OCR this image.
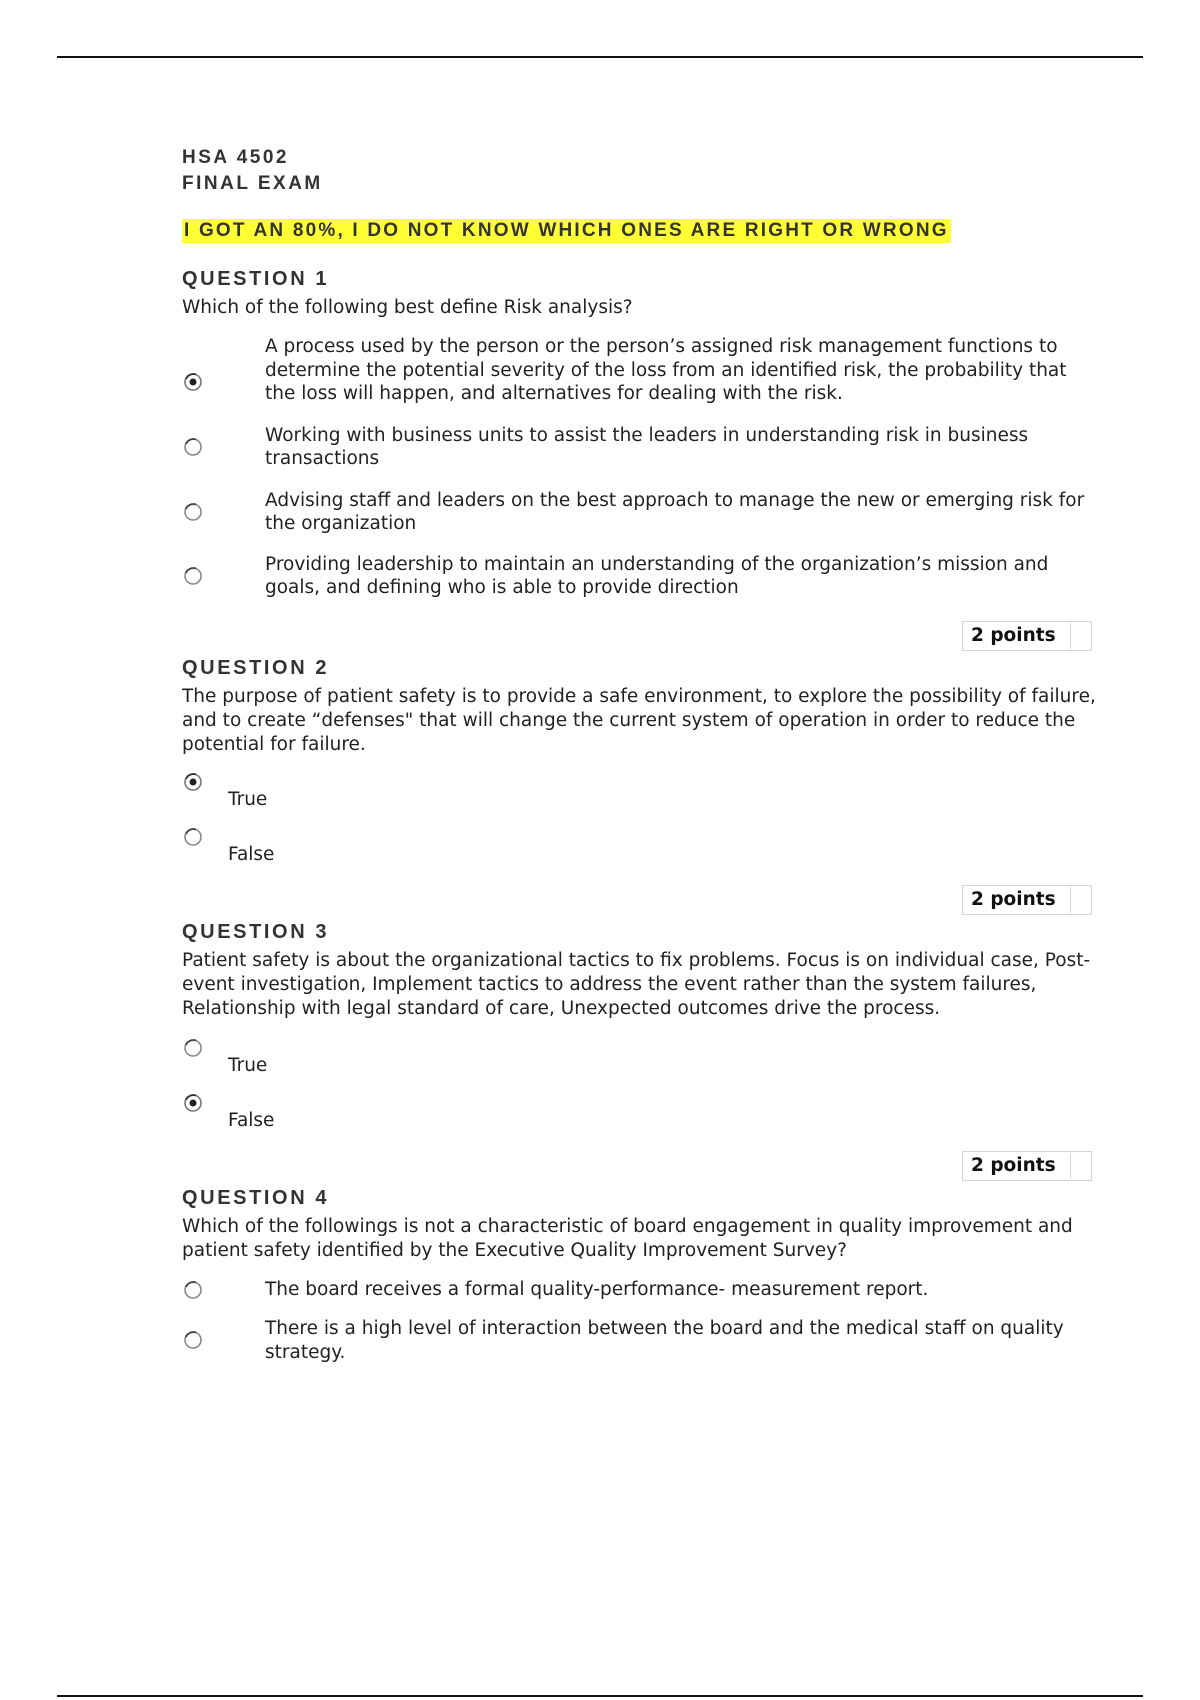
HSA 4502
FINAL EXAM
I GOT AN 80%, I DO NOT KNOW WHICH ONES ARE RIGHT OR WRONG
QUESTION 1
Which of the following best define Risk analysis?
A process used by the person or the person’s assigned risk management functions to determine the potential severity of the loss from an identified risk, the probability that the loss will happen, and alternatives for dealing with the risk.
Working with business units to assist the leaders in understanding risk in business transactions
Advising staff and leaders on the best approach to manage the new or emerging risk for the organization
Providing leadership to maintain an understanding of the organization’s mission and goals, and defining who is able to provide direction
2 points
QUESTION 2
The purpose of patient safety is to provide a safe environment, to explore the possibility of failure, and to create “defenses" that will change the current system of operation in order to reduce the potential for failure.
True
False
2 points
QUESTION 3
Patient safety is about the organizational tactics to fix problems. Focus is on individual case, Post- event investigation, Implement tactics to address the event rather than the system failures, Relationship with legal standard of care, Unexpected outcomes drive the process.
True
False
2 points
QUESTION 4
Which of the followings is not a characteristic of board engagement in quality improvement and patient safety identified by the Executive Quality Improvement Survey?
The board receives a formal quality-performance- measurement report.
There is a high level of interaction between the board and the medical staff on quality strategy.
